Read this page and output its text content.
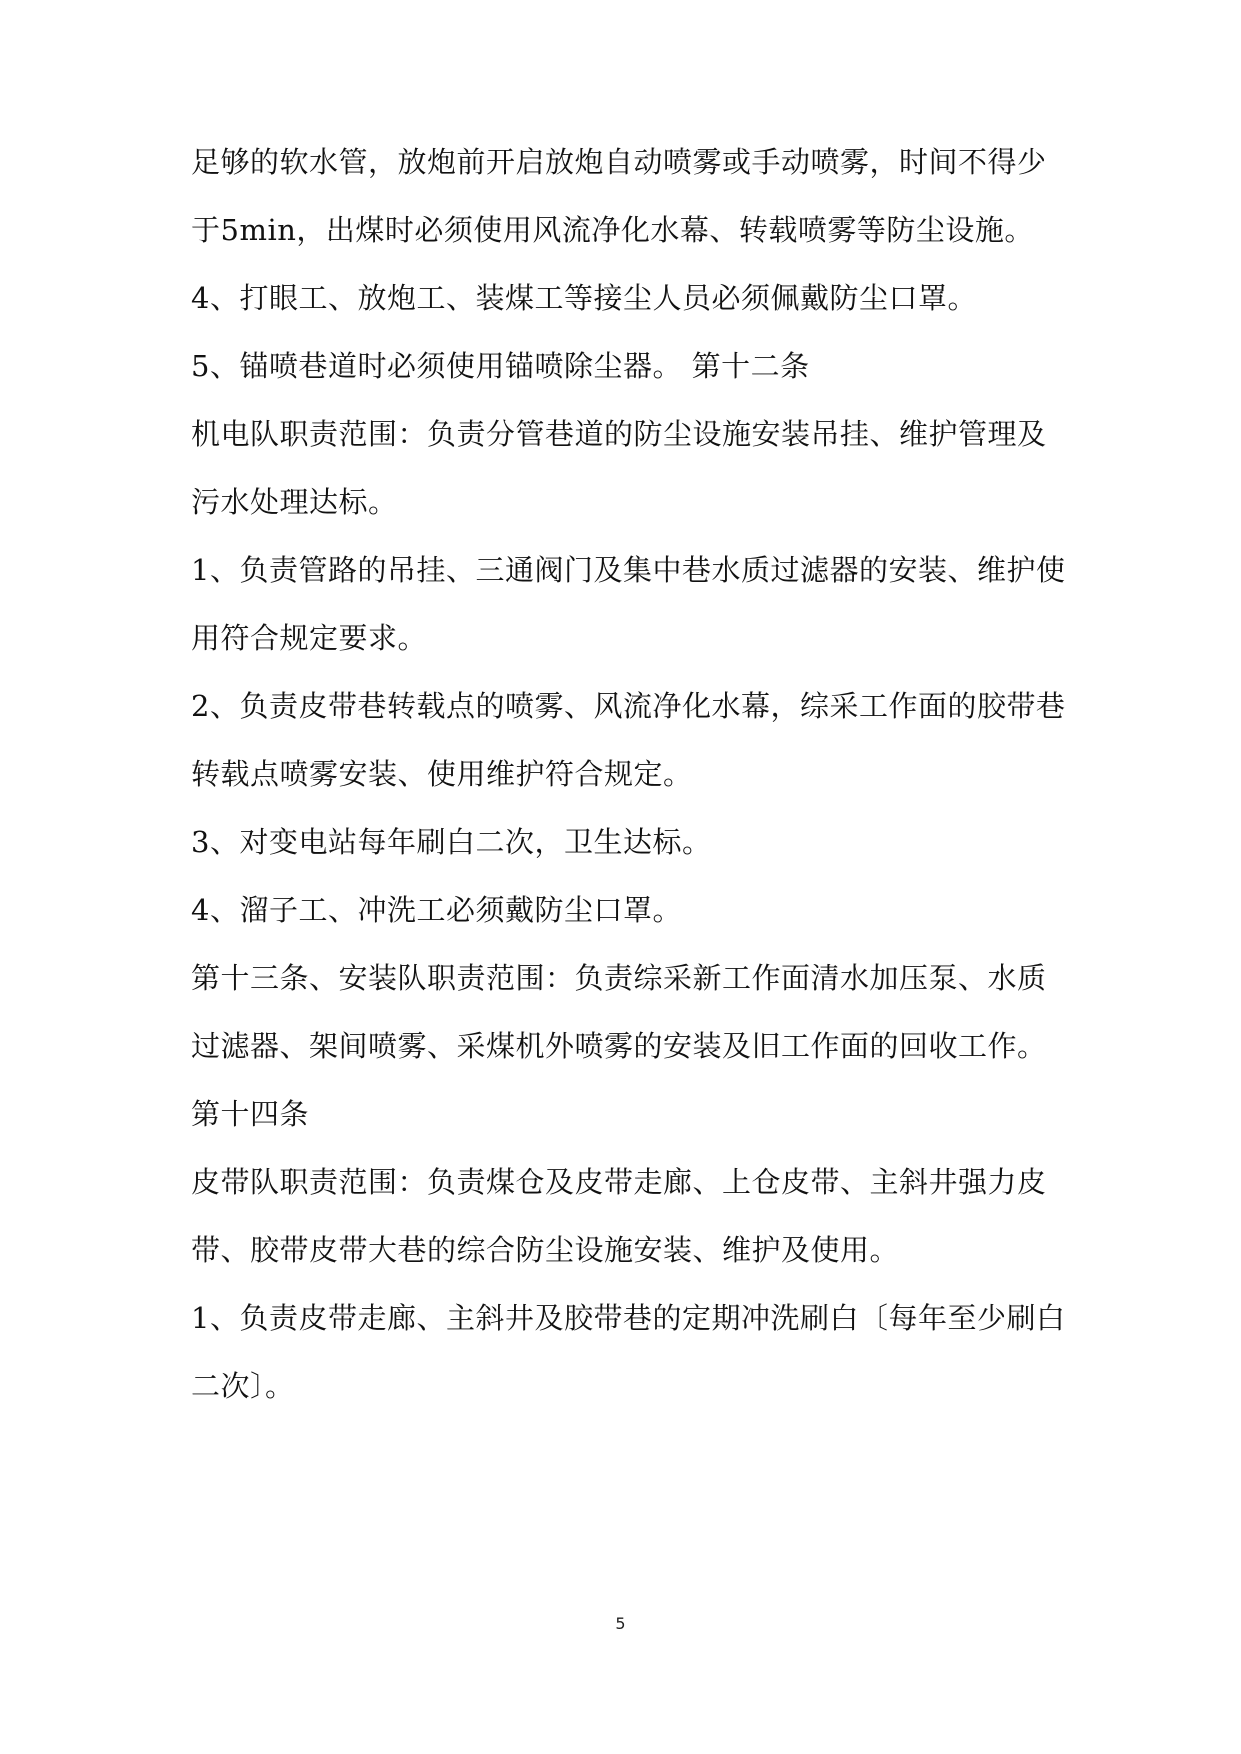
足够的软水管，放炮前开启放炮自动喷雾或手动喷雾，时间不得少
于5min，出煤时必须使用风流净化水幕、转载喷雾等防尘设施。
4、打眼工、放炮工、装煤工等接尘人员必须佩戴防尘口罩。
5、锚喷巷道时必须使用锚喷除尘器。 第十二条
机电队职责范围：负责分管巷道的防尘设施安装吊挂、维护管理及
污水处理达标。
1、负责管路的吊挂、三通阀门及集中巷水质过滤器的安装、维护使
用符合规定要求。
2、负责皮带巷转载点的喷雾、风流净化水幕，综采工作面的胶带巷
转载点喷雾安装、使用维护符合规定。
3、对变电站每年刷白二次，卫生达标。
4、溜子工、冲洗工必须戴防尘口罩。
第十三条、安装队职责范围：负责综采新工作面清水加压泵、水质
过滤器、架间喷雾、采煤机外喷雾的安装及旧工作面的回收工作。
第十四条
皮带队职责范围：负责煤仓及皮带走廊、上仓皮带、主斜井强力皮
带、胶带皮带大巷的综合防尘设施安装、维护及使用。
1、负责皮带走廊、主斜井及胶带巷的定期冲洗刷白〔每年至少刷白
二次〕。
5
